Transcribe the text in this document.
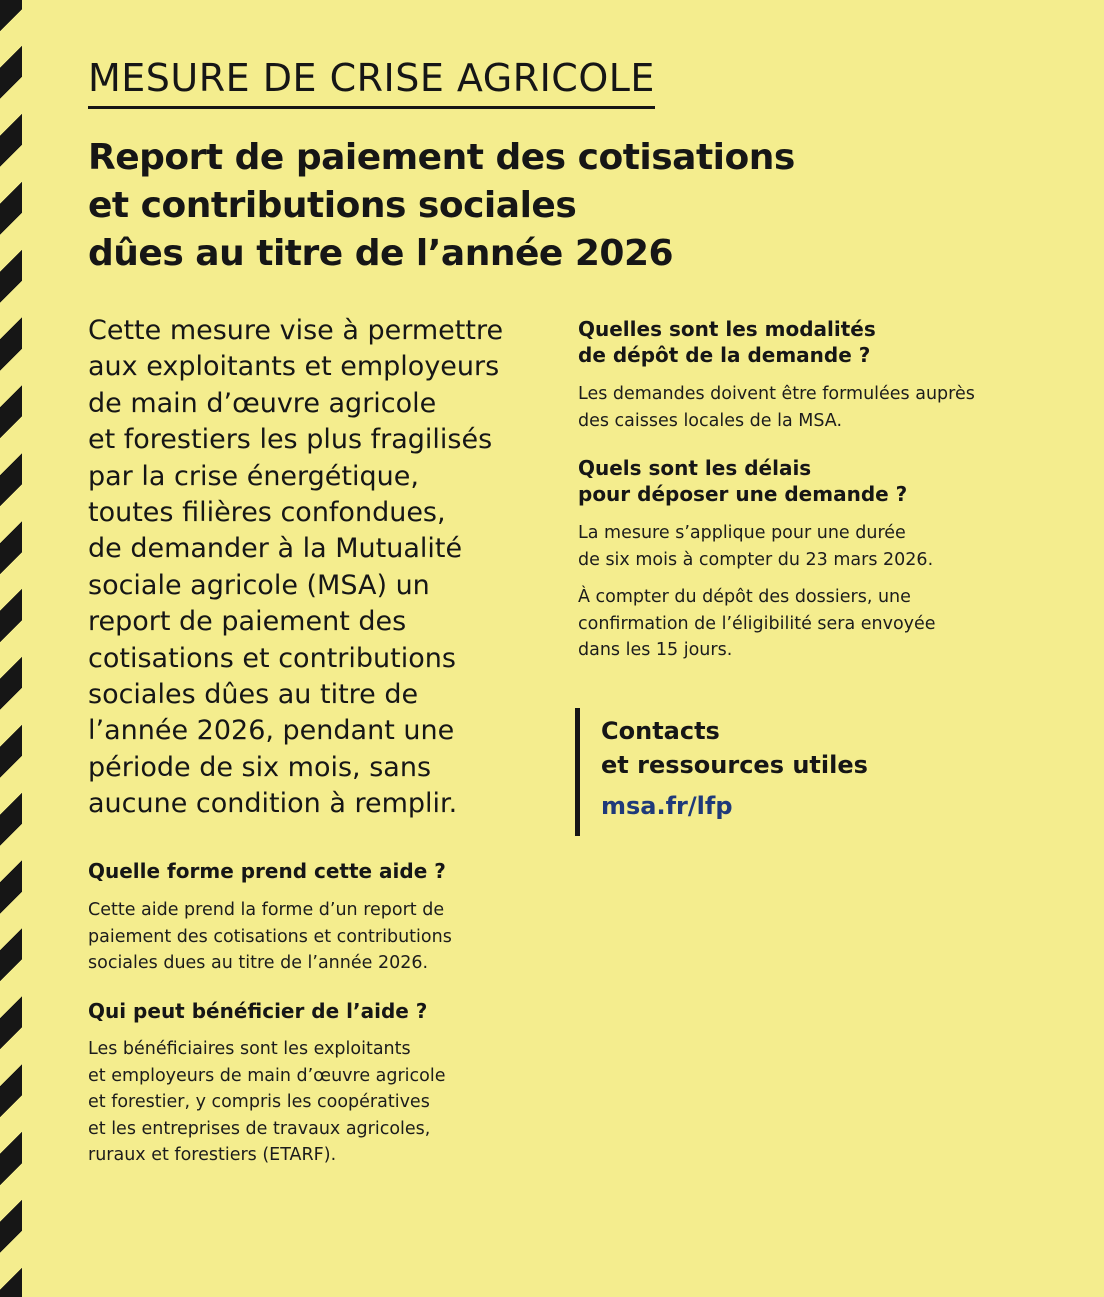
MESURE DE CRISE AGRICOLE
Report de paiement des cotisations
et contributions sociales
dûes au titre de l’année 2026
Cette mesure vise à permettre
aux exploitants et employeurs
de main d’œuvre agricole
et forestiers les plus fragilisés
par la crise énergétique,
toutes filières confondues,
de demander à la Mutualité
sociale agricole (MSA) un
report de paiement des
cotisations et contributions
sociales dûes au titre de
l’année 2026, pendant une
période de six mois, sans
aucune condition à remplir.
Quelle forme prend cette aide ?
Cette aide prend la forme d’un report de
paiement des cotisations et contributions
sociales dues au titre de l’année 2026.
Qui peut bénéficier de l’aide ?
Les bénéficiaires sont les exploitants
et employeurs de main d’œuvre agricole
et forestier, y compris les coopératives
et les entreprises de travaux agricoles,
ruraux et forestiers (ETARF).
Quelles sont les modalités
de dépôt de la demande ?
Les demandes doivent être formulées auprès
des caisses locales de la MSA.
Quels sont les délais
pour déposer une demande ?
La mesure s’applique pour une durée
de six mois à compter du 23 mars 2026.
À compter du dépôt des dossiers, une
confirmation de l’éligibilité sera envoyée
dans les 15 jours.
Contacts
et ressources utiles
msa.fr/lfp
